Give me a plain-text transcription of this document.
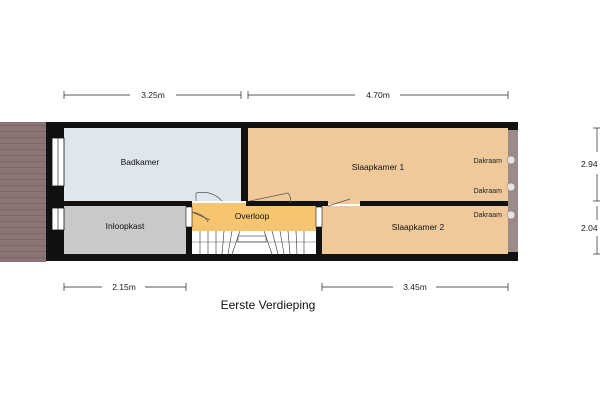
Badkamer	Slaapkamer 1
Slaapkamer 2
Inloopkast
Overloop
Dakraam
Dakraam
Dakraam
3.25m	4.70m
2.15m	3.45m
2.94
2.04
Eerste Verdieping
